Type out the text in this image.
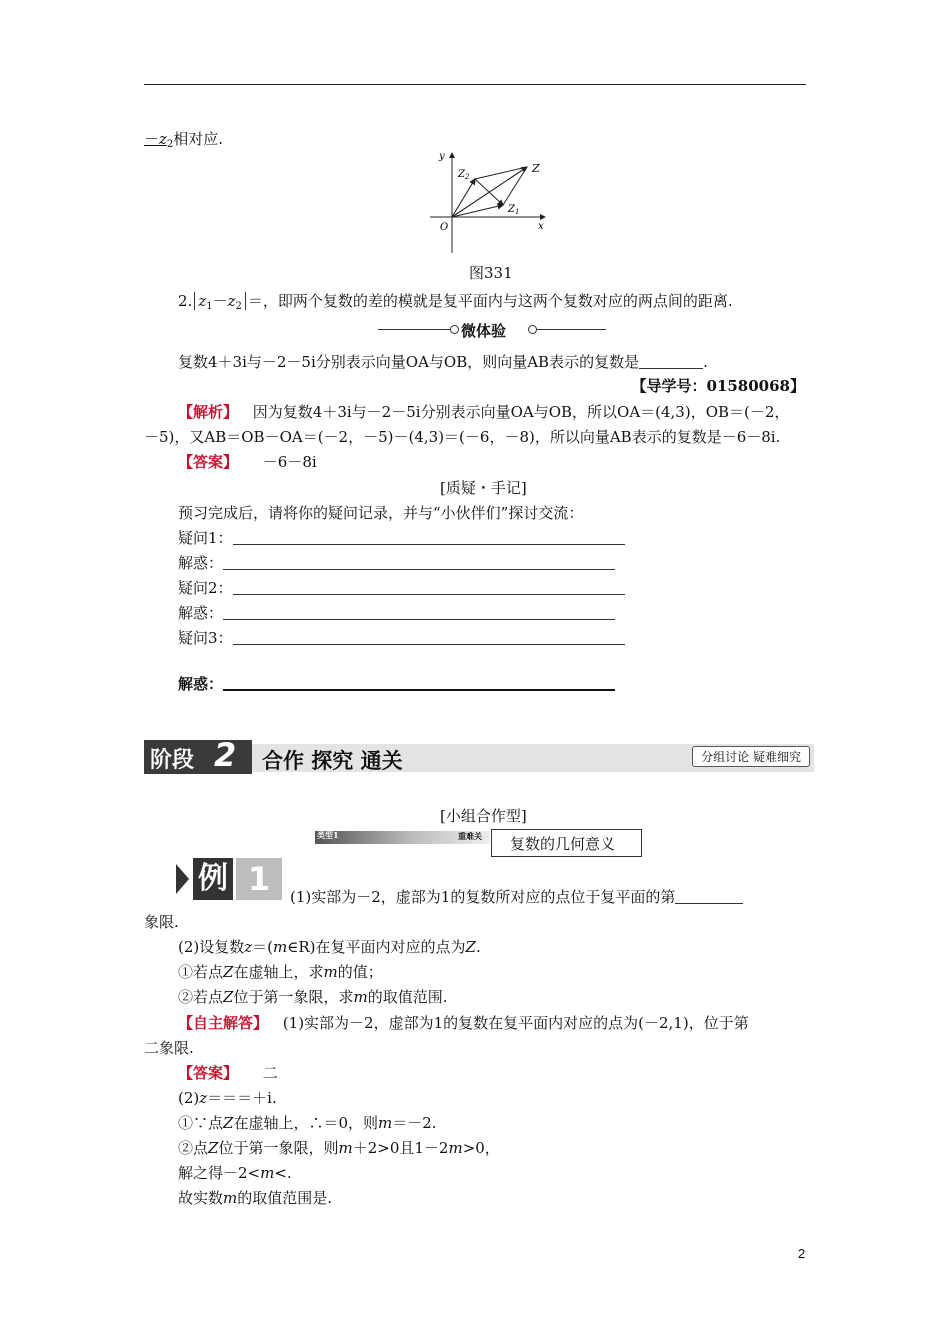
$-z_2$相对应.
y
x
O
Z
$Z_1$
$Z_2$
图331
2. $z_1-z_2$ ＝，即两个复数的差的模就是复平面内与这两个复数对应的两点间的距离.
微体验
复数4＋3i与－2－5i分别表示向量OA与OB，则向量AB表示的复数是	.
【导学号：01580068】
【解析】 因为复数4＋3i与－2－5i分别表示向量OA与OB，所以OA＝(4,3)，OB＝(－2，
－5)，又AB＝OB－OA＝(－2，－5)－(4,3)＝(－6，－8)，所以向量AB表示的复数是－6－8i.
【答案】 －6－8i
[质疑・手记]
预习完成后，请将你的疑问记录，并与“小伙伴们”探讨交流：
疑问1：
解惑：
疑问2：
解惑：
疑问3：
解惑：
阶段 2 合作 探究 通关	分组讨论 疑难细究
[小组合作型]
类型1	重难关 复数的几何意义
例 1	(1)实部为－2，虚部为1的复数所对应的点位于复平面的第
象限.
(2)设复数z＝(m∈R)在复平面内对应的点为Z.
①若点Z在虚轴上，求m的值；
②若点Z位于第一象限，求m的取值范围.
【自主解答】 (1)实部为－2，虚部为1的复数在复平面内对应的点为(－2,1)，位于第
二象限.
【答案】 二
(2)z＝＝＝＋i.
①∵点Z在虚轴上，∴＝0，则m＝－2.
②点Z位于第一象限，则m＋2>0且1－2m>0，
解之得－2<m<.
故实数m的取值范围是.
2
